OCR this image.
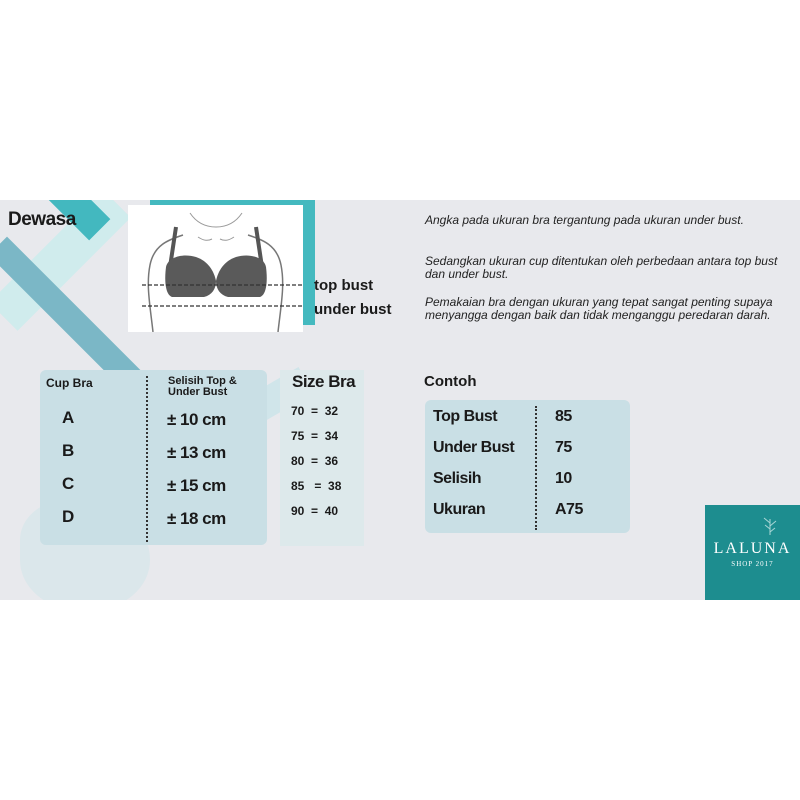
Dewasa
top bust
under bust
Angka pada ukuran bra tergantung pada ukuran under bust.
Sedangkan ukuran cup ditentukan oleh perbedaan antara top bust dan under bust.
Pemakaian bra dengan ukuran yang tepat sangat penting supaya menyangga dengan baik dan tidak menganggu peredaran darah.
Cup Bra	Selisih Top & Under Bust
A	± 10 cm
B	± 13 cm
C	± 15 cm
D	± 18 cm
Size Bra
70  =  32
75  =  34
80  =  36
85   =  38
90  =  40
Contoh
Top Bust	85
Under Bust	75
Selisih	10
Ukuran	A75
LALUNA
SHOP 2017
